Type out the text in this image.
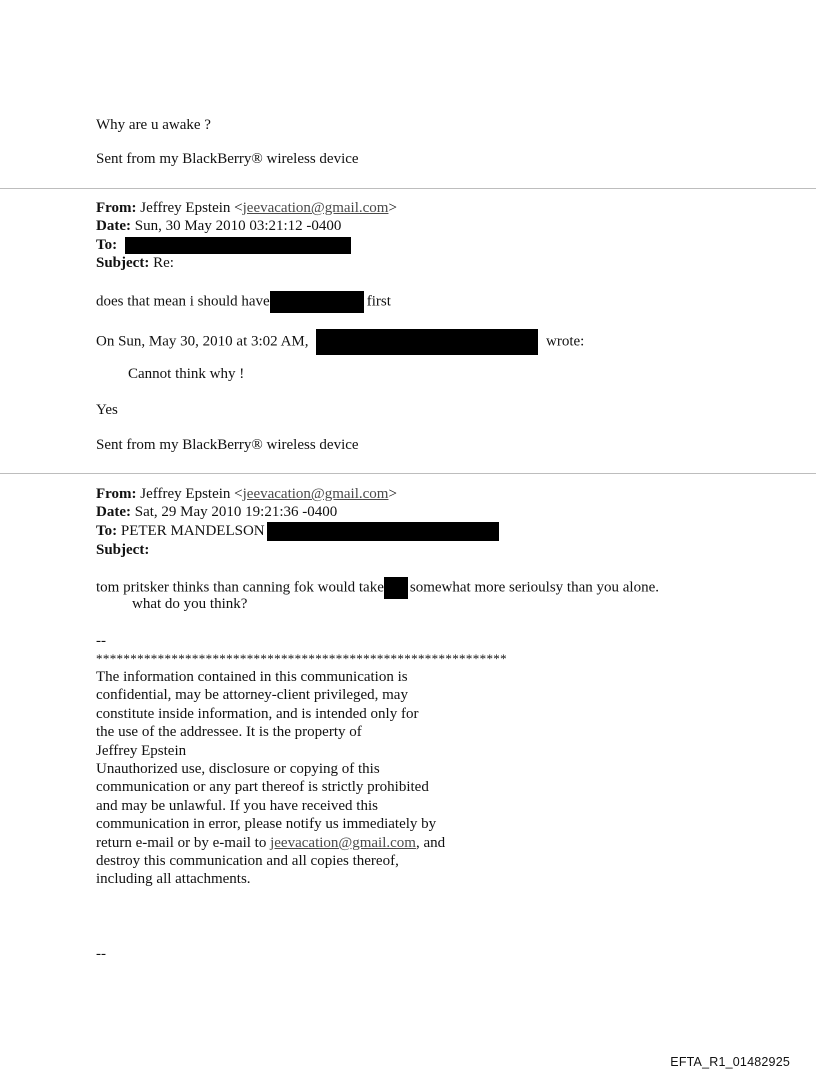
Why are u awake ?
Sent from my BlackBerry® wireless device
From: Jeffrey Epstein <jeevacation@gmail.com>
Date: Sun, 30 May 2010 03:21:12 -0400
To:
Subject: Re:
does that mean i should have	first
On Sun, May 30, 2010 at 3:02 AM,	wrote:
Cannot think why !
Yes
Sent from my BlackBerry® wireless device
From: Jeffrey Epstein <jeevacation@gmail.com>
Date: Sat, 29 May 2010 19:21:36 -0400
To: PETER MANDELSON
Subject:
tom pritsker thinks than canning fok would take somewhat more serioulsy than you alone.
what do you think?
--
************************************************************
The information contained in this communication is
confidential, may be attorney-client privileged, may
constitute inside information, and is intended only for
the use of the addressee. It is the property of
Jeffrey Epstein
Unauthorized use, disclosure or copying of this
communication or any part thereof is strictly prohibited
and may be unlawful. If you have received this
communication in error, please notify us immediately by
return e-mail or by e-mail to jeevacation@gmail.com, and
destroy this communication and all copies thereof,
including all attachments.
--
EFTA_R1_01482925
